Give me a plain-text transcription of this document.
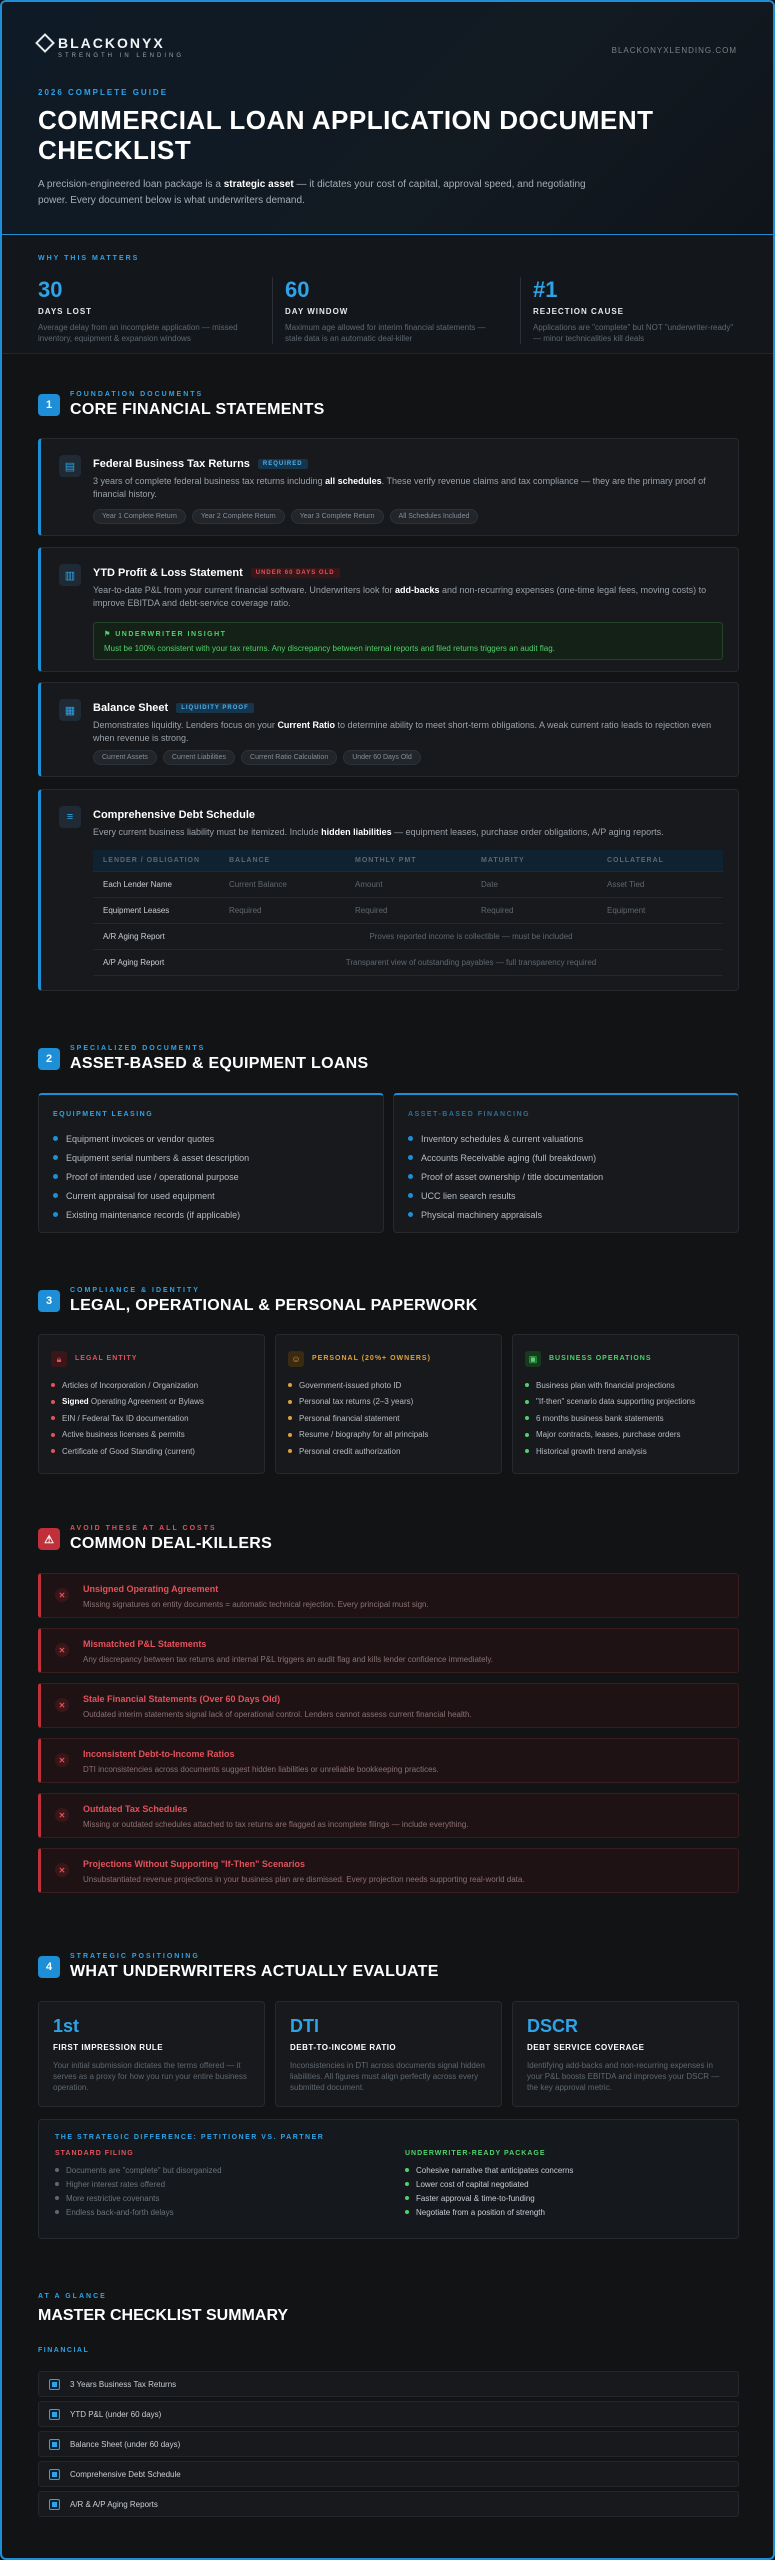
BLACKONYX
STRENGTH IN LENDING
BLACKONYXLENDING.COM
2026 COMPLETE GUIDE
COMMERCIAL LOAN APPLICATION DOCUMENT CHECKLIST
A precision-engineered loan package is a strategic asset — it dictates your cost of capital, approval speed, and negotiating power. Every document below is what underwriters demand.
WHY THIS MATTERS
30
DAYS LOST
Average delay from an incomplete application — missed inventory, equipment & expansion windows
60
DAY WINDOW
Maximum age allowed for interim financial statements — stale data is an automatic deal-killer
#1
REJECTION CAUSE
Applications are "complete" but NOT "underwriter-ready" — minor technicalities kill deals
1
FOUNDATION DOCUMENTS
CORE FINANCIAL STATEMENTS
▤	Federal Business Tax Returns	REQUIRED
3 years of complete federal business tax returns including all schedules. These verify revenue claims and tax compliance — they are the primary proof of financial history.
Year 1 Complete Return	Year 2 Complete Return	Year 3 Complete Return	All Schedules Included
▥	YTD Profit & Loss Statement	UNDER 60 DAYS OLD
Year-to-date P&L from your current financial software. Underwriters look for add-backs and non-recurring expenses (one-time legal fees, moving costs) to improve EBITDA and debt-service coverage ratio.
⚑ UNDERWRITER INSIGHT
Must be 100% consistent with your tax returns. Any discrepancy between internal reports and filed returns triggers an audit flag.
▦	Balance Sheet	LIQUIDITY PROOF
Demonstrates liquidity. Lenders focus on your Current Ratio to determine ability to meet short-term obligations. A weak current ratio leads to rejection even when revenue is strong.
Current Assets	Current Liabilities	Current Ratio Calculation	Under 60 Days Old
≡	Comprehensive Debt Schedule
Every current business liability must be itemized. Include hidden liabilities — equipment leases, purchase order obligations, A/P aging reports.
LENDER / OBLIGATION	BALANCE	MONTHLY PMT	MATURITY	COLLATERAL
Each Lender Name	Current Balance	Amount	Date	Asset Tied
Equipment Leases	Required	Required	Required	Equipment
A/R Aging Report	Proves reported income is collectible — must be included
A/P Aging Report	Transparent view of outstanding payables — full transparency required
2
SPECIALIZED DOCUMENTS
ASSET-BASED & EQUIPMENT LOANS
EQUIPMENT LEASING
Equipment invoices or vendor quotes
Equipment serial numbers & asset description
Proof of intended use / operational purpose
Current appraisal for used equipment
Existing maintenance records (if applicable)
ASSET-BASED FINANCING
Inventory schedules & current valuations
Accounts Receivable aging (full breakdown)
Proof of asset ownership / title documentation
UCC lien search results
Physical machinery appraisals
3
COMPLIANCE & IDENTITY
LEGAL, OPERATIONAL & PERSONAL PAPERWORK
🔒︎	LEGAL ENTITY
Articles of Incorporation / Organization
Signed Operating Agreement or Bylaws
EIN / Federal Tax ID documentation
Active business licenses & permits
Certificate of Good Standing (current)
☺	PERSONAL (20%+ OWNERS)
Government-issued photo ID
Personal tax returns (2–3 years)
Personal financial statement
Resume / biography for all principals
Personal credit authorization
▣	BUSINESS OPERATIONS
Business plan with financial projections
"If-then" scenario data supporting projections
6 months business bank statements
Major contracts, leases, purchase orders
Historical growth trend analysis
⚠
AVOID THESE AT ALL COSTS
COMMON DEAL-KILLERS
✕
Unsigned Operating Agreement
Missing signatures on entity documents = automatic technical rejection. Every principal must sign.
✕
Mismatched P&L Statements
Any discrepancy between tax returns and internal P&L triggers an audit flag and kills lender confidence immediately.
✕
Stale Financial Statements (Over 60 Days Old)
Outdated interim statements signal lack of operational control. Lenders cannot assess current financial health.
✕
Inconsistent Debt-to-Income Ratios
DTI inconsistencies across documents suggest hidden liabilities or unreliable bookkeeping practices.
✕
Outdated Tax Schedules
Missing or outdated schedules attached to tax returns are flagged as incomplete filings — include everything.
✕
Projections Without Supporting "If-Then" Scenarios
Unsubstantiated revenue projections in your business plan are dismissed. Every projection needs supporting real-world data.
4
STRATEGIC POSITIONING
WHAT UNDERWRITERS ACTUALLY EVALUATE
1st
FIRST IMPRESSION RULE
Your initial submission dictates the terms offered — it serves as a proxy for how you run your entire business operation.
DTI
DEBT-TO-INCOME RATIO
Inconsistencies in DTI across documents signal hidden liabilities. All figures must align perfectly across every submitted document.
DSCR
DEBT SERVICE COVERAGE
Identifying add-backs and non-recurring expenses in your P&L boosts EBITDA and improves your DSCR — the key approval metric.
THE STRATEGIC DIFFERENCE: PETITIONER VS. PARTNER
STANDARD FILING
Documents are "complete" but disorganized
Higher interest rates offered
More restrictive covenants
Endless back-and-forth delays
UNDERWRITER-READY PACKAGE
Cohesive narrative that anticipates concerns
Lower cost of capital negotiated
Faster approval & time-to-funding
Negotiate from a position of strength
AT A GLANCE
MASTER CHECKLIST SUMMARY
FINANCIAL
3 Years Business Tax Returns
YTD P&L (under 60 days)
Balance Sheet (under 60 days)
Comprehensive Debt Schedule
A/R & A/P Aging Reports
